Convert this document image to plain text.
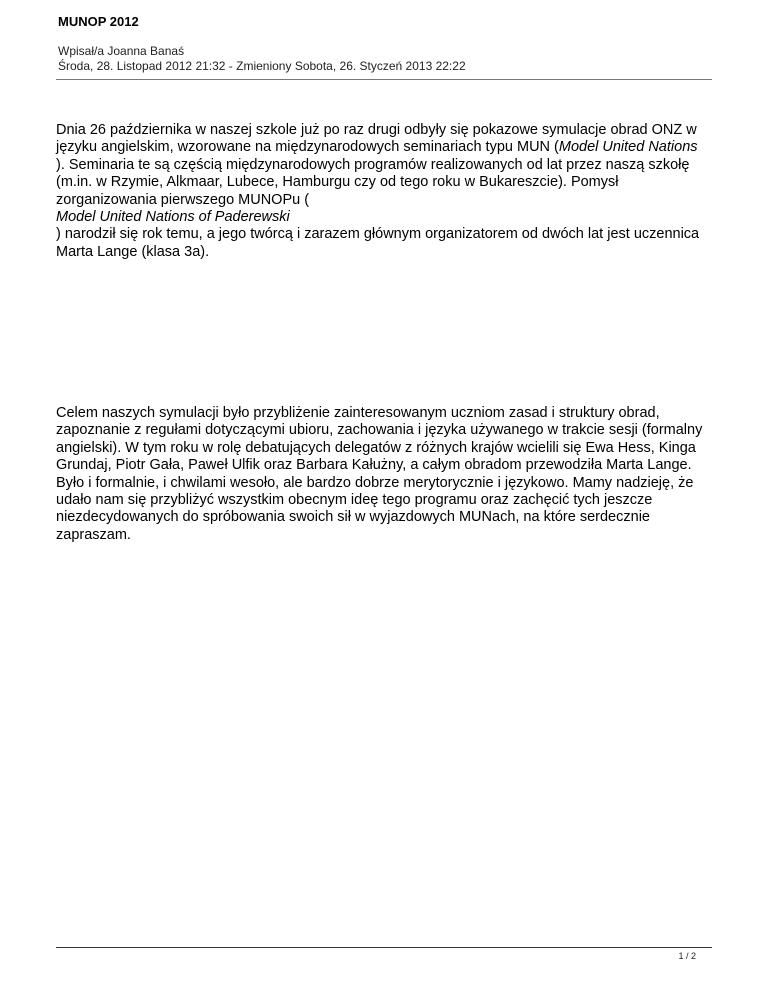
MUNOP 2012
Wpisał/a Joanna Banaś
Środa, 28. Listopad 2012 21:32 - Zmieniony Sobota, 26. Styczeń 2013 22:22
Dnia 26 października w naszej szkole już po raz drugi odbyły się pokazowe symulacje obrad ONZ w języku angielskim, wzorowane na międzynarodowych seminariach typu MUN (Model United Nations
). Seminaria te są częścią międzynarodowych programów realizowanych od lat przez naszą szkołę (m.in. w Rzymie, Alkmaar, Lubece, Hamburgu czy od tego roku w Bukareszcie). Pomysł zorganizowania pierwszego MUNOPu (
Model United Nations of Paderewski
) narodził się rok temu, a jego twórcą i zarazem głównym organizatorem od dwóch lat jest uczennica Marta Lange (klasa 3a).
Celem naszych symulacji było przybliżenie zainteresowanym uczniom zasad i struktury obrad, zapoznanie z regułami dotyczącymi ubioru, zachowania i języka używanego w trakcie sesji (formalny angielski). W tym roku w rolę debatujących delegatów z różnych krajów wcielili się Ewa Hess, Kinga Grundaj, Piotr Gała, Paweł Ulfik oraz Barbara Kałużny, a całym obradom przewodziła Marta Lange. Było i formalnie, i chwilami wesoło, ale bardzo dobrze merytorycznie i językowo. Mamy nadzieję, że udało nam się przybliżyć wszystkim obecnym ideę tego programu oraz zachęcić tych jeszcze niezdecydowanych do spróbowania swoich sił w wyjazdowych MUNach, na które serdecznie zapraszam.
1 / 2
